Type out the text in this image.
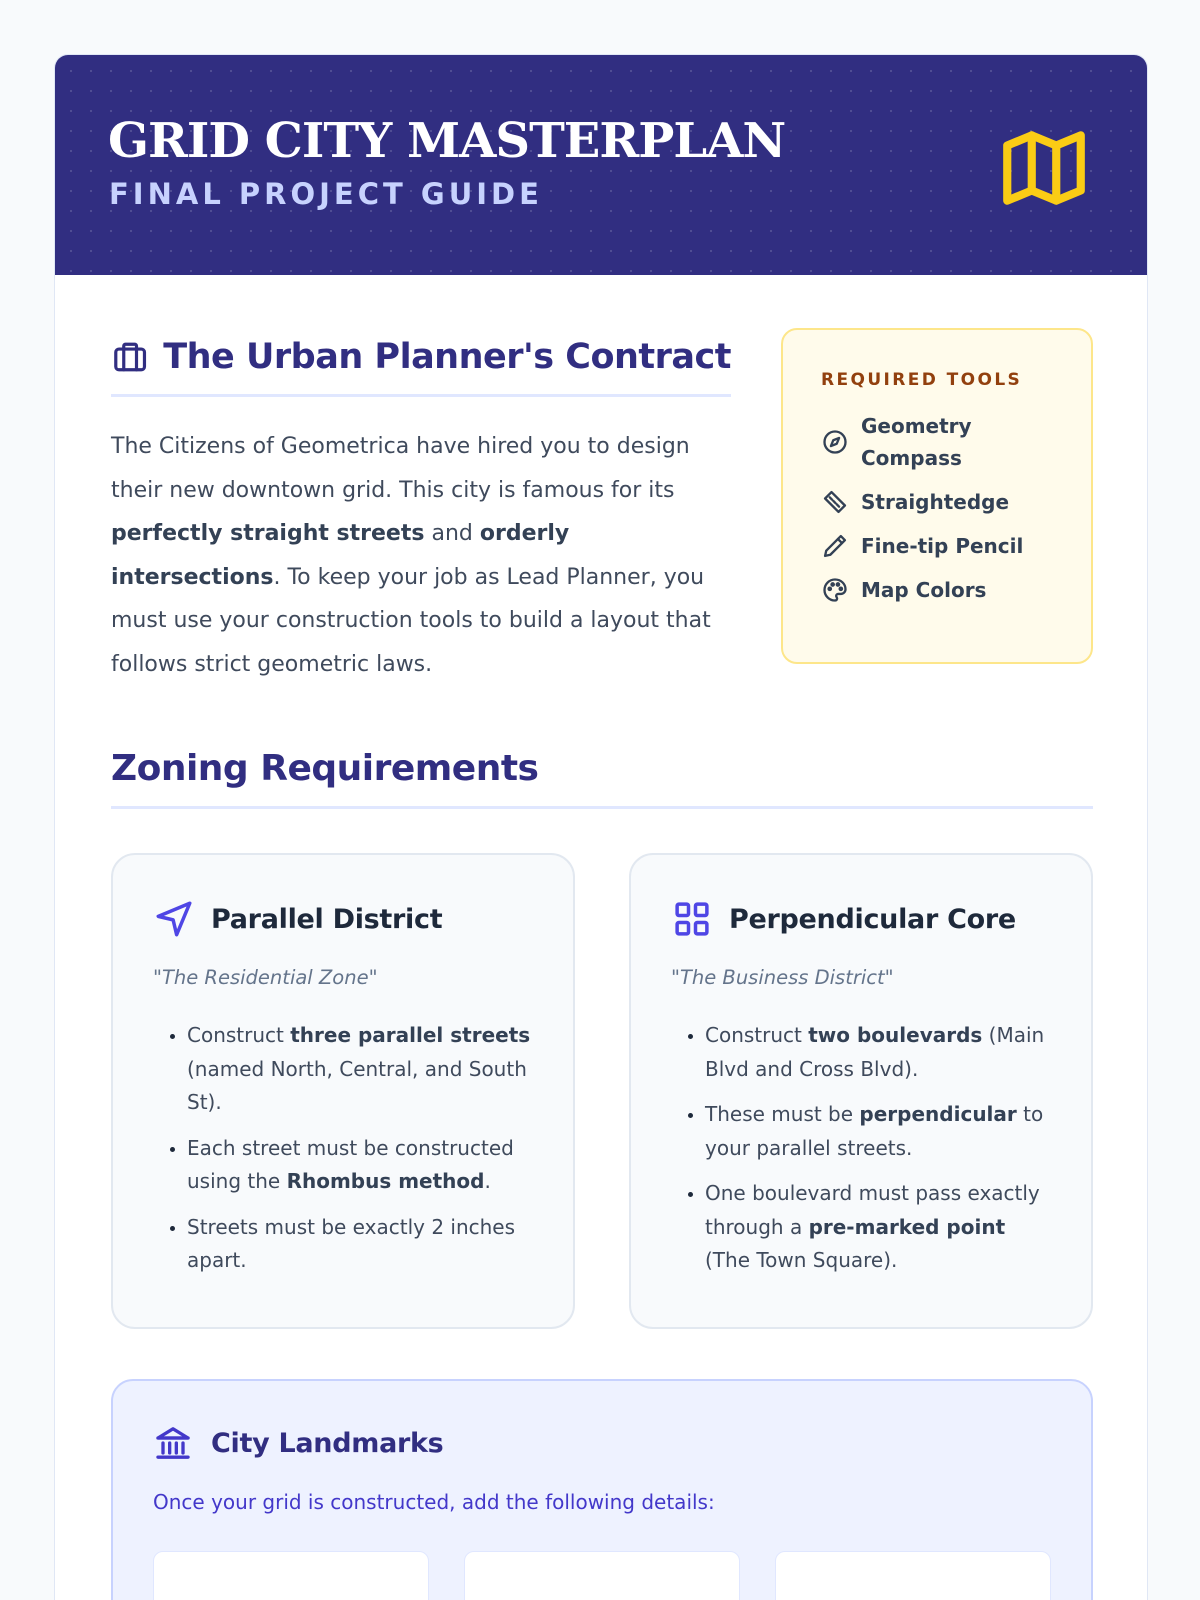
GRID CITY MASTERPLAN
FINAL PROJECT GUIDE
The Urban Planner's Contract

The Citizens of Geometrica have hired you to design their new downtown grid. This city is famous for its perfectly straight streets and orderly intersections. To keep your job as Lead Planner, you must use your construction tools to build a layout that follows strict geometric laws.

REQUIRED TOOLS
Geometry Compass
Straightedge
Fine-tip Pencil
Map Colors
Zoning Requirements
Parallel District

"The Residential Zone"

• Construct three parallel streets (named North, Central, and South St).
• Each street must be constructed using the Rhombus method.
• Streets must be exactly 2 inches apart.
Perpendicular Core

"The Business District"

• Construct two boulevards (Main Blvd and Cross Blvd).
• These must be perpendicular to your parallel streets.
• One boulevard must pass exactly through a pre-marked point (The Town Square).
City Landmarks

Once your grid is constructed, add the following details:
